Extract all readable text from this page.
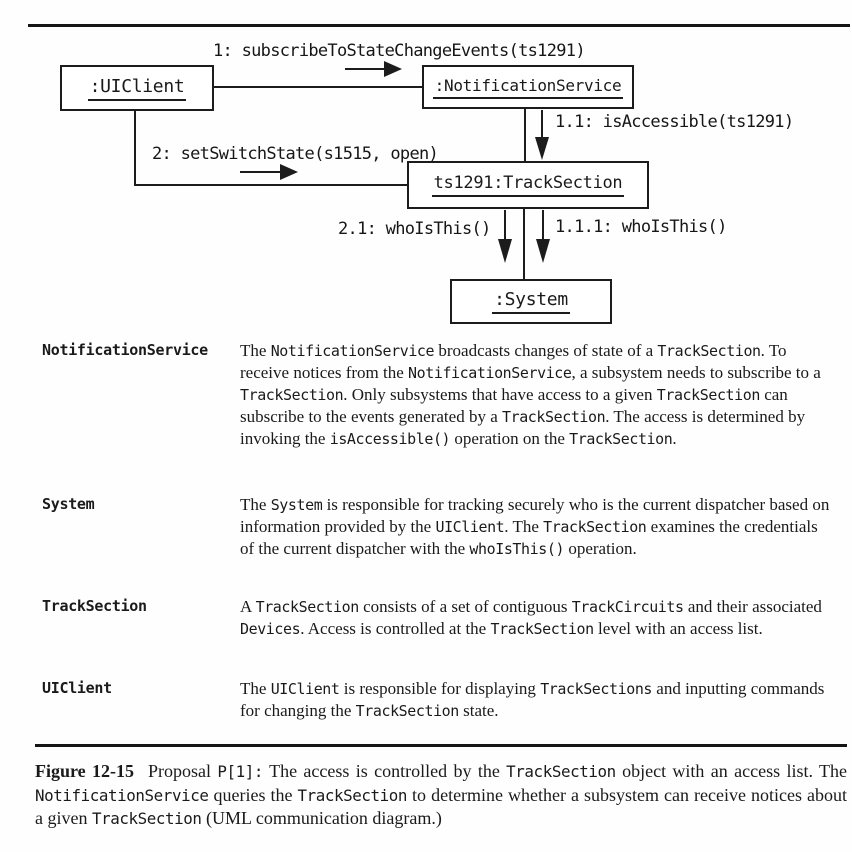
:UIClient	:NotificationService
ts1291:TrackSection
:System
1: subscribeToStateChangeEvents(ts1291)
1.1: isAccessible(ts1291)
2: setSwitchState(s1515, open)
2.1: whoIsThis()	1.1.1: whoIsThis()
NotificationService The NotificationService broadcasts changes of state of a TrackSection. To receive notices from the NotificationService, a subsystem needs to subscribe to a TrackSection. Only subsystems that have access to a given TrackSection can subscribe to the events generated by a TrackSection. The access is determined by invoking the isAccessible() operation on the TrackSection.
System	The System is responsible for tracking securely who is the current dispatcher based on information provided by the UIClient. The TrackSection examines the credentials of the current dispatcher with the whoIsThis() operation.
TrackSection	A TrackSection consists of a set of contiguous TrackCircuits and their associated Devices. Access is controlled at the TrackSection level with an access list.
UIClient	The UIClient is responsible for displaying TrackSections and inputting commands for changing the TrackSection state.
Figure 12-15 Proposal P[1]: The access is controlled by the TrackSection object with an access list. The NotificationService queries the TrackSection to determine whether a subsystem can receive notices about a given TrackSection (UML communication diagram.)
